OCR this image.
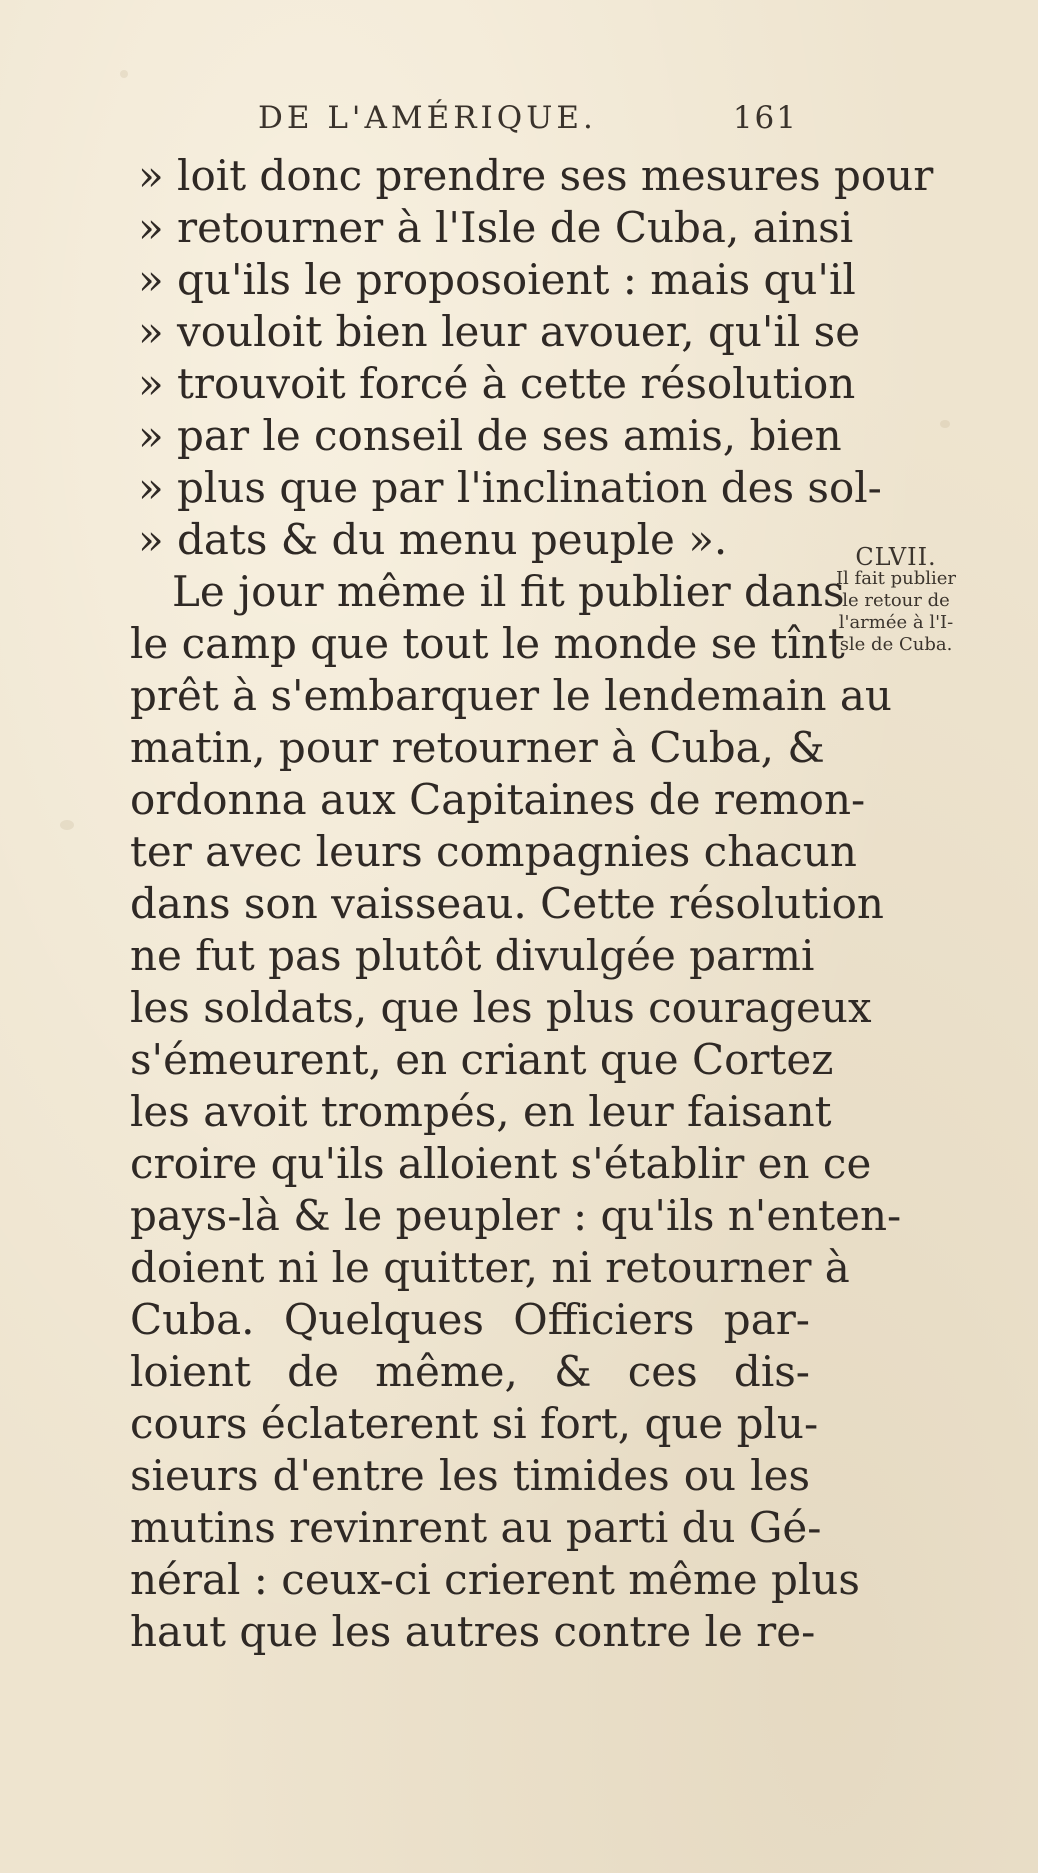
DE L'AMÉRIQUE.	161
» loit donc prendre ses mesures pour
» retourner à l'Isle de Cuba, ainsi
» qu'ils le proposoient : mais qu'il
» vouloit bien leur avouer, qu'il se
» trouvoit forcé à cette résolution
» par le conseil de ses amis, bien
» plus que par l'inclination des sol-
» dats & du menu peuple ».
Le jour même il fit publier dans
le camp que tout le monde se tînt
prêt à s'embarquer le lendemain au
matin, pour retourner à Cuba, &
ordonna aux Capitaines de remon-
ter avec leurs compagnies chacun
dans son vaisseau. Cette résolution
ne fut pas plutôt divulgée parmi
les soldats, que les plus courageux
s'émeurent, en criant que Cortez
les avoit trompés, en leur faisant
croire qu'ils alloient s'établir en ce
pays-là & le peupler : qu'ils n'enten-
doient ni le quitter, ni retourner à
Cuba. Quelques Officiers par-
loient de même, & ces dis-
cours éclaterent si fort, que plu-
sieurs d'entre les timides ou les
mutins revinrent au parti du Gé-
néral : ceux-ci crierent même plus
haut que les autres contre le re-
CLVII.
Il fait publier
le retour de
l'armée à l'I-
sle de Cuba.
